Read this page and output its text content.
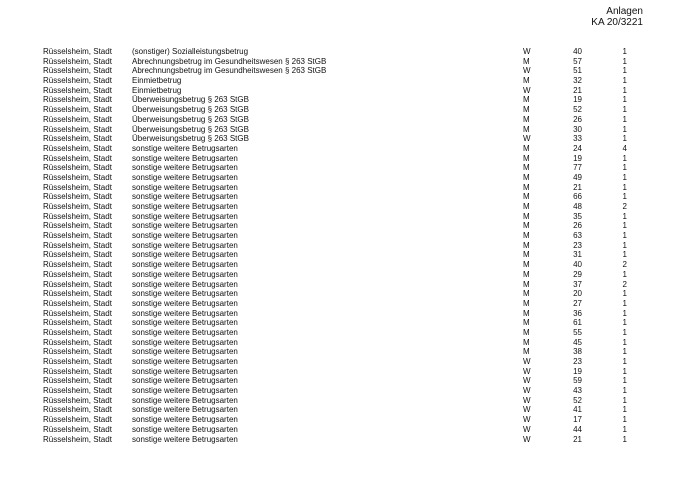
Anlagen
KA 20/3221
Rüsselsheim, Stadt	(sonstiger) Sozialleistungsbetrug	W	40	1
Rüsselsheim, Stadt	Abrechnungsbetrug im Gesundheitswesen § 263 StGB	M	57	1
Rüsselsheim, Stadt	Abrechnungsbetrug im Gesundheitswesen § 263 StGB	W	51	1
Rüsselsheim, Stadt	Einmietbetrug	M	32	1
Rüsselsheim, Stadt	Einmietbetrug	W	21	1
Rüsselsheim, Stadt	Überweisungsbetrug § 263 StGB	M	19	1
Rüsselsheim, Stadt	Überweisungsbetrug § 263 StGB	M	52	1
Rüsselsheim, Stadt	Überweisungsbetrug § 263 StGB	M	26	1
Rüsselsheim, Stadt	Überweisungsbetrug § 263 StGB	M	30	1
Rüsselsheim, Stadt	Überweisungsbetrug § 263 StGB	W	33	1
Rüsselsheim, Stadt	sonstige weitere Betrugsarten	M	24	4
Rüsselsheim, Stadt	sonstige weitere Betrugsarten	M	19	1
Rüsselsheim, Stadt	sonstige weitere Betrugsarten	M	77	1
Rüsselsheim, Stadt	sonstige weitere Betrugsarten	M	49	1
Rüsselsheim, Stadt	sonstige weitere Betrugsarten	M	21	1
Rüsselsheim, Stadt	sonstige weitere Betrugsarten	M	66	1
Rüsselsheim, Stadt	sonstige weitere Betrugsarten	M	48	2
Rüsselsheim, Stadt	sonstige weitere Betrugsarten	M	35	1
Rüsselsheim, Stadt	sonstige weitere Betrugsarten	M	26	1
Rüsselsheim, Stadt	sonstige weitere Betrugsarten	M	63	1
Rüsselsheim, Stadt	sonstige weitere Betrugsarten	M	23	1
Rüsselsheim, Stadt	sonstige weitere Betrugsarten	M	31	1
Rüsselsheim, Stadt	sonstige weitere Betrugsarten	M	40	2
Rüsselsheim, Stadt	sonstige weitere Betrugsarten	M	29	1
Rüsselsheim, Stadt	sonstige weitere Betrugsarten	M	37	2
Rüsselsheim, Stadt	sonstige weitere Betrugsarten	M	20	1
Rüsselsheim, Stadt	sonstige weitere Betrugsarten	M	27	1
Rüsselsheim, Stadt	sonstige weitere Betrugsarten	M	36	1
Rüsselsheim, Stadt	sonstige weitere Betrugsarten	M	61	1
Rüsselsheim, Stadt	sonstige weitere Betrugsarten	M	55	1
Rüsselsheim, Stadt	sonstige weitere Betrugsarten	M	45	1
Rüsselsheim, Stadt	sonstige weitere Betrugsarten	M	38	1
Rüsselsheim, Stadt	sonstige weitere Betrugsarten	W	23	1
Rüsselsheim, Stadt	sonstige weitere Betrugsarten	W	19	1
Rüsselsheim, Stadt	sonstige weitere Betrugsarten	W	59	1
Rüsselsheim, Stadt	sonstige weitere Betrugsarten	W	43	1
Rüsselsheim, Stadt	sonstige weitere Betrugsarten	W	52	1
Rüsselsheim, Stadt	sonstige weitere Betrugsarten	W	41	1
Rüsselsheim, Stadt	sonstige weitere Betrugsarten	W	17	1
Rüsselsheim, Stadt	sonstige weitere Betrugsarten	W	44	1
Rüsselsheim, Stadt	sonstige weitere Betrugsarten	W	21	1
